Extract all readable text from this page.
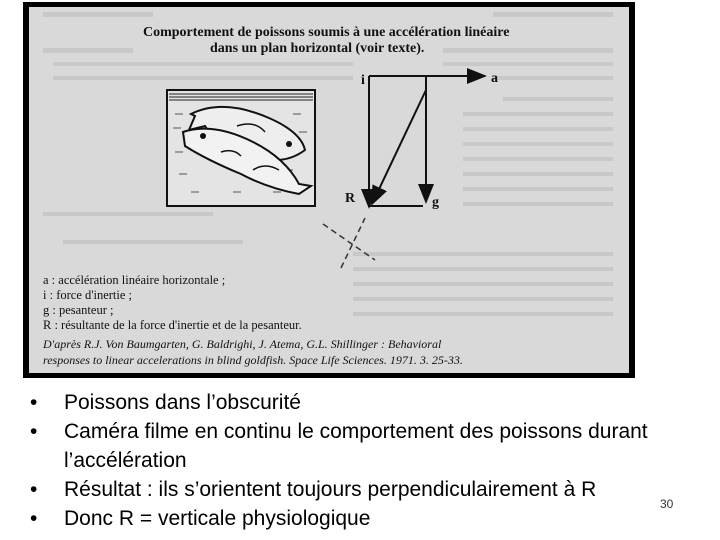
Comportement de poissons soumis à une accélération linéaire
dans un plan horizontal (voir texte).
i	a
R	g
a : accélération linéaire horizontale ;
i : force d'inertie ;
g : pesanteur ;
R : résultante de la force d'inertie et de la pesanteur.
D'après R.J. Von Baumgarten, G. Baldrighi, J. Atema, G.L. Shillinger : Behavioral
responses to linear accelerations in blind goldfish. Space Life Sciences. 1971. 3. 25-33.
• Poissons dans l’obscurité
• Caméra filme en continu le comportement des poissons durant l’accélération
• Résultat : ils s’orientent toujours perpendiculairement à R
• Donc R = verticale physiologique
30
